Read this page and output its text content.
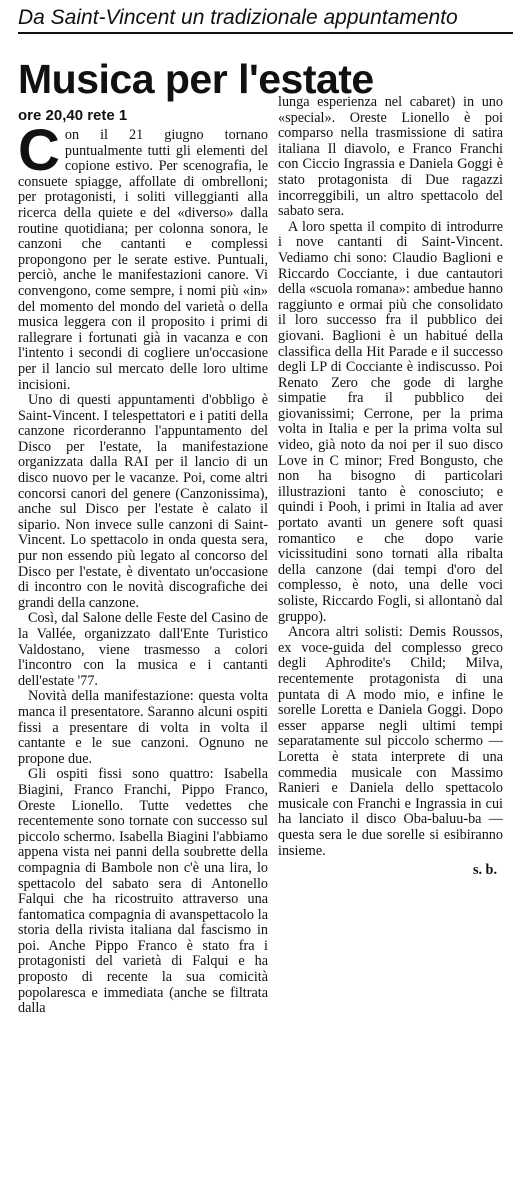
Da Saint-Vincent un tradizionale appuntamento
Musica per l'estate
ore 20,40 rete 1

Con il 21 giugno tornano puntualmente tutti gli elementi del copione estivo. Per scenografia, le consuete spiagge, affollate di ombrelloni; per protagonisti, i soliti villeggianti alla ricerca della quiete e del «diverso» dalla routine quotidiana; per colonna sonora, le canzoni che cantanti e complessi propongono per le serate estive. Puntuali, perciò, anche le manifestazioni canore. Vi convengono, come sempre, i nomi più «in» del momento del mondo del varietà o della musica leggera con il proposito i primi di rallegrare i fortunati già in vacanza e con l'intento i secondi di cogliere un'occasione per il lancio sul mercato delle loro ultime incisioni.

Uno di questi appuntamenti d'obbligo è Saint-Vincent. I telespettatori e i patiti della canzone ricorderanno l'appuntamento del Disco per l'estate, la manifestazione organizzata dalla RAI per il lancio di un disco nuovo per le vacanze. Poi, come altri concorsi canori del genere (Canzonissima), anche sul Disco per l'estate è calato il sipario. Non invece sulle canzoni di Saint-Vincent. Lo spettacolo in onda questa sera, pur non essendo più legato al concorso del Disco per l'estate, è diventato un'occasione di incontro con le novità discografiche dei grandi della canzone.

Così, dal Salone delle Feste del Casino de la Vallée, organizzato dall'Ente Turistico Valdostano, viene trasmesso a colori l'incontro con la musica e i cantanti dell'estate '77.

Novità della manifestazione: questa volta manca il presentatore. Saranno alcuni ospiti fissi a presentare di volta in volta il cantante e le sue canzoni. Ognuno ne propone due.

Gli ospiti fissi sono quattro: Isabella Biagini, Franco Franchi, Pippo Franco, Oreste Lionello. Tutte vedettes che recentemente sono tornate con successo sul piccolo schermo. Isabella Biagini l'abbiamo appena vista nei panni della soubrette della compagnia di Bambole non c'è una lira, lo spettacolo del sabato sera di Antonello Falqui che ha ricostruito attraverso una fantomatica compagnia di avanspettacolo la storia della rivista italiana dal fascismo in poi. Anche Pippo Franco è stato fra i protagonisti del varietà di Falqui e ha proposto di recente la sua comicità popolaresca e immediata (anche se filtrata dalla

lunga esperienza nel cabaret) in uno «special». Oreste Lionello è poi comparso nella trasmissione di satira italiana Il diavolo, e Franco Franchi con Ciccio Ingrassia e Daniela Goggi è stato protagonista di Due ragazzi incorreggibili, un altro spettacolo del sabato sera.

A loro spetta il compito di introdurre i nove cantanti di Saint-Vincent. Vediamo chi sono: Claudio Baglioni e Riccardo Cocciante, i due cantautori della «scuola romana»: ambedue hanno raggiunto e ormai più che consolidato il loro successo fra il pubblico dei giovani. Baglioni è un habitué della classifica della Hit Parade e il successo degli LP di Cocciante è indiscusso. Poi Renato Zero che gode di larghe simpatie fra il pubblico dei giovanissimi; Cerrone, per la prima volta in Italia e per la prima volta sul video, già noto da noi per il suo disco Love in C minor; Fred Bongusto, che non ha bisogno di particolari illustrazioni tanto è conosciuto; e quindi i Pooh, i primi in Italia ad aver portato avanti un genere soft quasi romantico e che dopo varie vicissitudini sono tornati alla ribalta della canzone (dai tempi d'oro del complesso, è noto, una delle voci soliste, Riccardo Fogli, si allontanò dal gruppo).

Ancora altri solisti: Demis Roussos, ex voce-guida del complesso greco degli Aphrodite's Child; Milva, recentemente protagonista di una puntata di A modo mio, e infine le sorelle Loretta e Daniela Goggi. Dopo esser apparse negli ultimi tempi separatamente sul piccolo schermo — Loretta è stata interprete di una commedia musicale con Massimo Ranieri e Daniela dello spettacolo musicale con Franchi e Ingrassia in cui ha lanciato il disco Oba-baluu-ba — questa sera le due sorelle si esibiranno insieme.

s. b.
